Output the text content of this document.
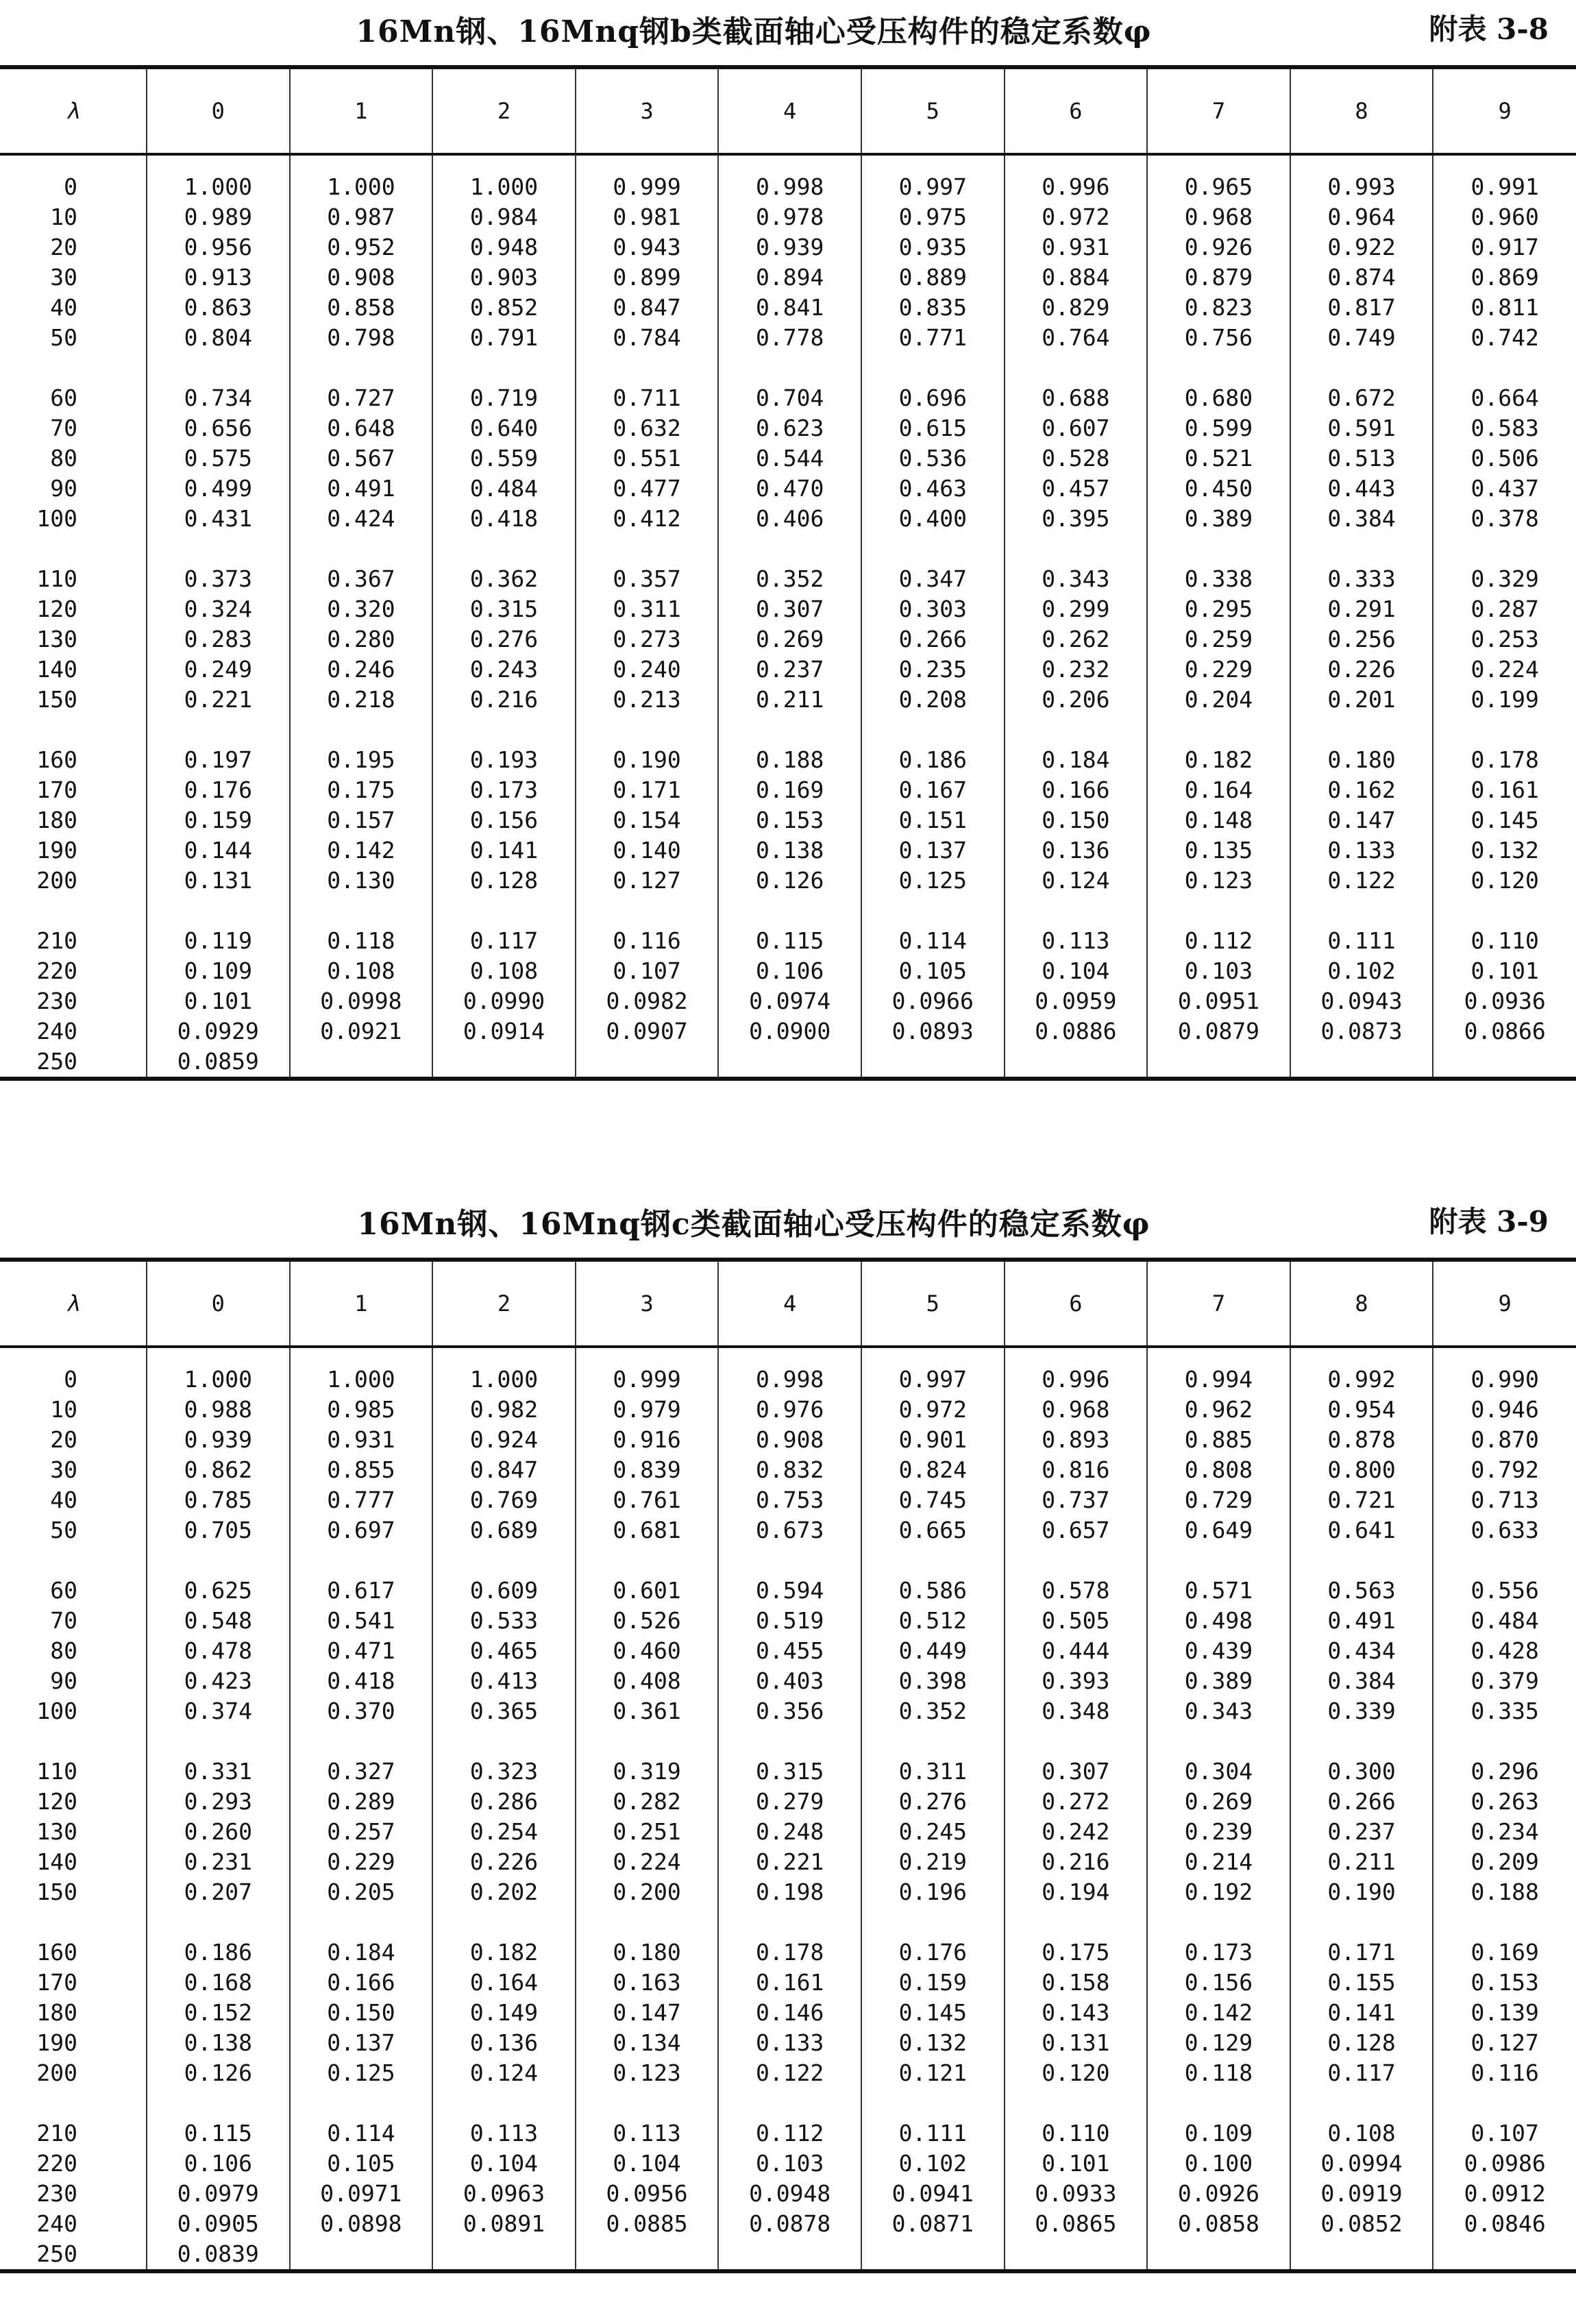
16Mn钢、16Mnq钢b类截面轴心受压构件的稳定系数φ	附表 3-8
λ	0	1	2	3	4	5	6	7	8	9
0	1.000	1.000	1.000	0.999	0.998	0.997	0.996	0.965	0.993	0.991
10	0.989	0.987	0.984	0.981	0.978	0.975	0.972	0.968	0.964	0.960
20	0.956	0.952	0.948	0.943	0.939	0.935	0.931	0.926	0.922	0.917
30	0.913	0.908	0.903	0.899	0.894	0.889	0.884	0.879	0.874	0.869
40	0.863	0.858	0.852	0.847	0.841	0.835	0.829	0.823	0.817	0.811
50	0.804	0.798	0.791	0.784	0.778	0.771	0.764	0.756	0.749	0.742

60	0.734	0.727	0.719	0.711	0.704	0.696	0.688	0.680	0.672	0.664
70	0.656	0.648	0.640	0.632	0.623	0.615	0.607	0.599	0.591	0.583
80	0.575	0.567	0.559	0.551	0.544	0.536	0.528	0.521	0.513	0.506
90	0.499	0.491	0.484	0.477	0.470	0.463	0.457	0.450	0.443	0.437
100	0.431	0.424	0.418	0.412	0.406	0.400	0.395	0.389	0.384	0.378

110	0.373	0.367	0.362	0.357	0.352	0.347	0.343	0.338	0.333	0.329
120	0.324	0.320	0.315	0.311	0.307	0.303	0.299	0.295	0.291	0.287
130	0.283	0.280	0.276	0.273	0.269	0.266	0.262	0.259	0.256	0.253
140	0.249	0.246	0.243	0.240	0.237	0.235	0.232	0.229	0.226	0.224
150	0.221	0.218	0.216	0.213	0.211	0.208	0.206	0.204	0.201	0.199

160	0.197	0.195	0.193	0.190	0.188	0.186	0.184	0.182	0.180	0.178
170	0.176	0.175	0.173	0.171	0.169	0.167	0.166	0.164	0.162	0.161
180	0.159	0.157	0.156	0.154	0.153	0.151	0.150	0.148	0.147	0.145
190	0.144	0.142	0.141	0.140	0.138	0.137	0.136	0.135	0.133	0.132
200	0.131	0.130	0.128	0.127	0.126	0.125	0.124	0.123	0.122	0.120

210	0.119	0.118	0.117	0.116	0.115	0.114	0.113	0.112	0.111	0.110
220	0.109	0.108	0.108	0.107	0.106	0.105	0.104	0.103	0.102	0.101
230	0.101	0.0998	0.0990	0.0982	0.0974	0.0966	0.0959	0.0951	0.0943	0.0936
240	0.0929	0.0921	0.0914	0.0907	0.0900	0.0893	0.0886	0.0879	0.0873	0.0866
250	0.0859									
16Mn钢、16Mnq钢c类截面轴心受压构件的稳定系数φ	附表 3-9
λ	0	1	2	3	4	5	6	7	8	9
0	1.000	1.000	1.000	0.999	0.998	0.997	0.996	0.994	0.992	0.990
10	0.988	0.985	0.982	0.979	0.976	0.972	0.968	0.962	0.954	0.946
20	0.939	0.931	0.924	0.916	0.908	0.901	0.893	0.885	0.878	0.870
30	0.862	0.855	0.847	0.839	0.832	0.824	0.816	0.808	0.800	0.792
40	0.785	0.777	0.769	0.761	0.753	0.745	0.737	0.729	0.721	0.713
50	0.705	0.697	0.689	0.681	0.673	0.665	0.657	0.649	0.641	0.633

60	0.625	0.617	0.609	0.601	0.594	0.586	0.578	0.571	0.563	0.556
70	0.548	0.541	0.533	0.526	0.519	0.512	0.505	0.498	0.491	0.484
80	0.478	0.471	0.465	0.460	0.455	0.449	0.444	0.439	0.434	0.428
90	0.423	0.418	0.413	0.408	0.403	0.398	0.393	0.389	0.384	0.379
100	0.374	0.370	0.365	0.361	0.356	0.352	0.348	0.343	0.339	0.335

110	0.331	0.327	0.323	0.319	0.315	0.311	0.307	0.304	0.300	0.296
120	0.293	0.289	0.286	0.282	0.279	0.276	0.272	0.269	0.266	0.263
130	0.260	0.257	0.254	0.251	0.248	0.245	0.242	0.239	0.237	0.234
140	0.231	0.229	0.226	0.224	0.221	0.219	0.216	0.214	0.211	0.209
150	0.207	0.205	0.202	0.200	0.198	0.196	0.194	0.192	0.190	0.188

160	0.186	0.184	0.182	0.180	0.178	0.176	0.175	0.173	0.171	0.169
170	0.168	0.166	0.164	0.163	0.161	0.159	0.158	0.156	0.155	0.153
180	0.152	0.150	0.149	0.147	0.146	0.145	0.143	0.142	0.141	0.139
190	0.138	0.137	0.136	0.134	0.133	0.132	0.131	0.129	0.128	0.127
200	0.126	0.125	0.124	0.123	0.122	0.121	0.120	0.118	0.117	0.116

210	0.115	0.114	0.113	0.113	0.112	0.111	0.110	0.109	0.108	0.107
220	0.106	0.105	0.104	0.104	0.103	0.102	0.101	0.100	0.0994	0.0986
230	0.0979	0.0971	0.0963	0.0956	0.0948	0.0941	0.0933	0.0926	0.0919	0.0912
240	0.0905	0.0898	0.0891	0.0885	0.0878	0.0871	0.0865	0.0858	0.0852	0.0846
250	0.0839									
